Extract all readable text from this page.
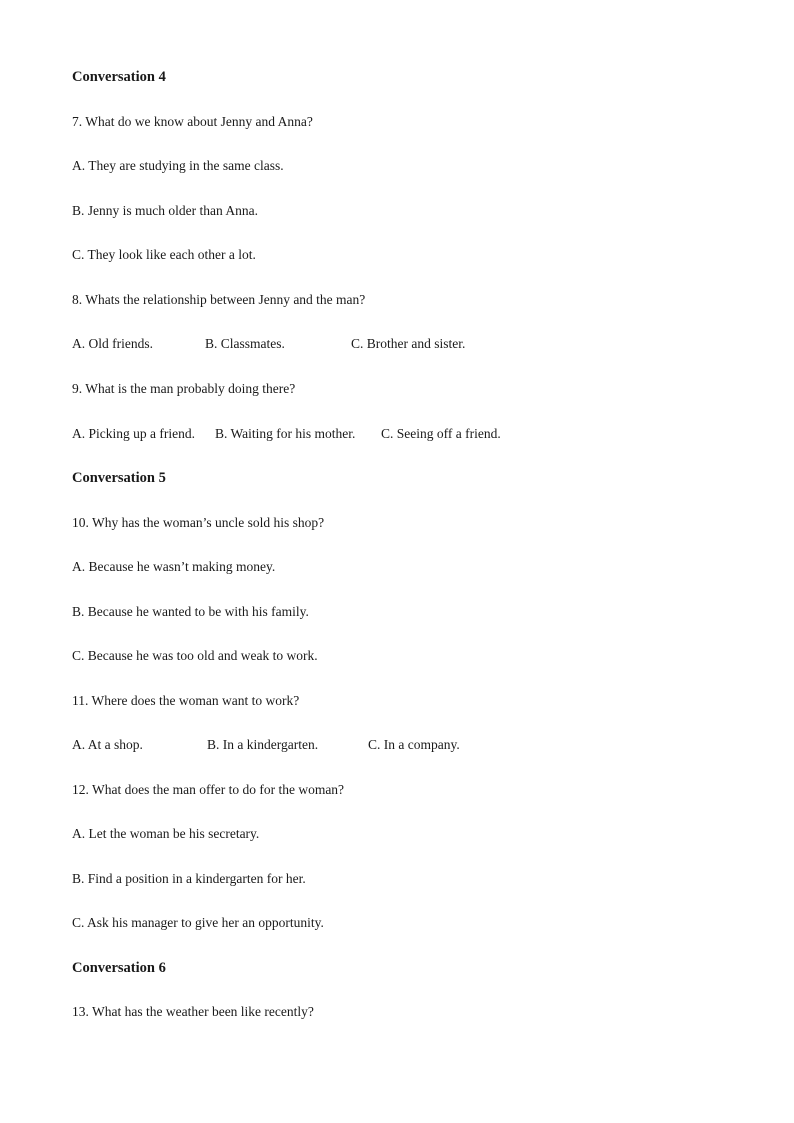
Conversation 4
7. What do we know about Jenny and Anna?
A. They are studying in the same class.
B. Jenny is much older than Anna.
C. They look like each other a lot.
8. Whats the relationship between Jenny and the man?
A. Old friends.	B. Classmates.	C. Brother and sister.
9. What is the man probably doing there?
A. Picking up a friend. B. Waiting for his mother. C. Seeing off a friend.
Conversation 5
10. Why has the woman’s uncle sold his shop?
A. Because he wasn’t making money.
B. Because he wanted to be with his family.
C. Because he was too old and weak to work.
11. Where does the woman want to work?
A. At a shop.	B. In a kindergarten.	C. In a company.
12. What does the man offer to do for the woman?
A. Let the woman be his secretary.
B. Find a position in a kindergarten for her.
C. Ask his manager to give her an opportunity.
Conversation 6
13. What has the weather been like recently?
